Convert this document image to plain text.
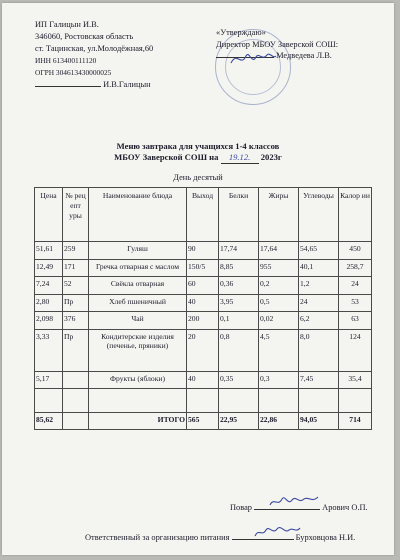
ИП Галицын И.В.
346060, Ростовская область
ст. Тацинская, ул.Молодёжная,60
ИНН 613400111120
ОГРН 304613430000025
И.В.Галицын
«Утверждаю»
Директор МБОУ Заверской СОШ:
Медведева Л.В.
Меню завтрака для учащихся 1-4 классов
МБОУ Заверской СОШ на 19.12. 2023г
День десятый
Цена	№ рец епт уры	Наименование блюда	Выход	Белки	Жиры	Углеводы	Калор ии
51,61	259	Гуляш	90	17,74	17,64	54,65	450
12,49	171	Гречка отварная с маслом	150/5	8,85	955	40,1	258,7
7,24	52	Свёкла отварная	60	0,36	0,2	1,2	24
2,80	Пр	Хлеб пшеничный	40	3,95	0,5	24	53
2,098	376	Чай	200	0,1	0,02	6,2	63
3,33	Пр	Кондитерские изделия (печенье, пряники)	20	0,8	4,5	8,0	124
5,17		Фрукты (яблоки)	40	0,35	0,3	7,45	35,4

85,62		ИТОГО	565	22,95	22,86	94,05	714
Повар	Арович О.П.
Ответственный за организацию питания	Бурховцова Н.И.
